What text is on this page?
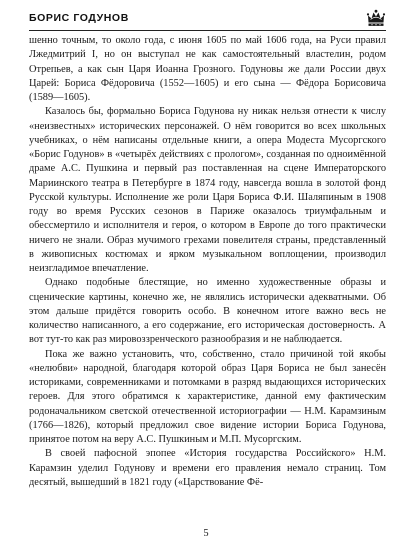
БОРИС ГОДУНОВ

шенно точным, то около года, с июня 1605 по май 1606 года, на Руси правил Лжедмитрий I, но он выступал не как самостоятельный властелин, родом Отрепьев, а как сын Царя Иоанна Грозного. Годуновы же дали России двух Царей: Бориса Фёдоровича (1552—1605) и его сына — Фёдора Борисовича (1589—1605).

Казалось бы, формально Бориса Годунова ну никак нельзя отнести к числу «неизвестных» исторических персонажей. О нём говорится во всех школьных учебниках, о нём написаны отдельные книги, а опера Модеста Мусоргского «Борис Годунов» в «четырёх действиях с прологом», созданная по одноимённой драме А.С. Пушкина и первый раз поставленная на сцене Императорского Мариинского театра в Петербурге в 1874 году, навсегда вошла в золотой фонд Русской культуры. Исполнение же роли Царя Бориса Ф.И. Шаляпиным в 1908 году во время Русских сезонов в Париже оказалось триумфальным и обессмертило и исполнителя и героя, о котором в Европе до того практически ничего не знали. Образ мучимого грехами повелителя страны, представленный в живописных костюмах и ярком музыкальном воплощении, производил неизгладимое впечатление.

Однако подобные блестящие, но именно художественные образы и сценические картины, конечно же, не являлись исторически адекватными. Об этом дальше придётся говорить особо. В конечном итоге важно весь не количество написанного, а его содержание, его историческая достоверность. А вот тут-то как раз мировоззренческого разнообразия и не наблюдается.

Пока же важно установить, что, собственно, стало причиной той якобы «нелюбви» народной, благодаря которой образ Царя Бориса не был занесён историками, современниками и потомками в разряд выдающихся исторических героев. Для этого обратимся к характеристике, данной ему фактическим родоначальником светской отечественной историографии — Н.М. Карамзиным (1766—1826), который предложил свое видение истории Бориса Годунова, принятое потом на веру А.С. Пушкиным и М.П. Мусоргским.

В своей пафосной эпопее «История государства Российского» Н.М. Карамзин уделил Годунову и времени его правления немало страниц. Том десятый, вышедший в 1821 году («Царствование Фё-

5
